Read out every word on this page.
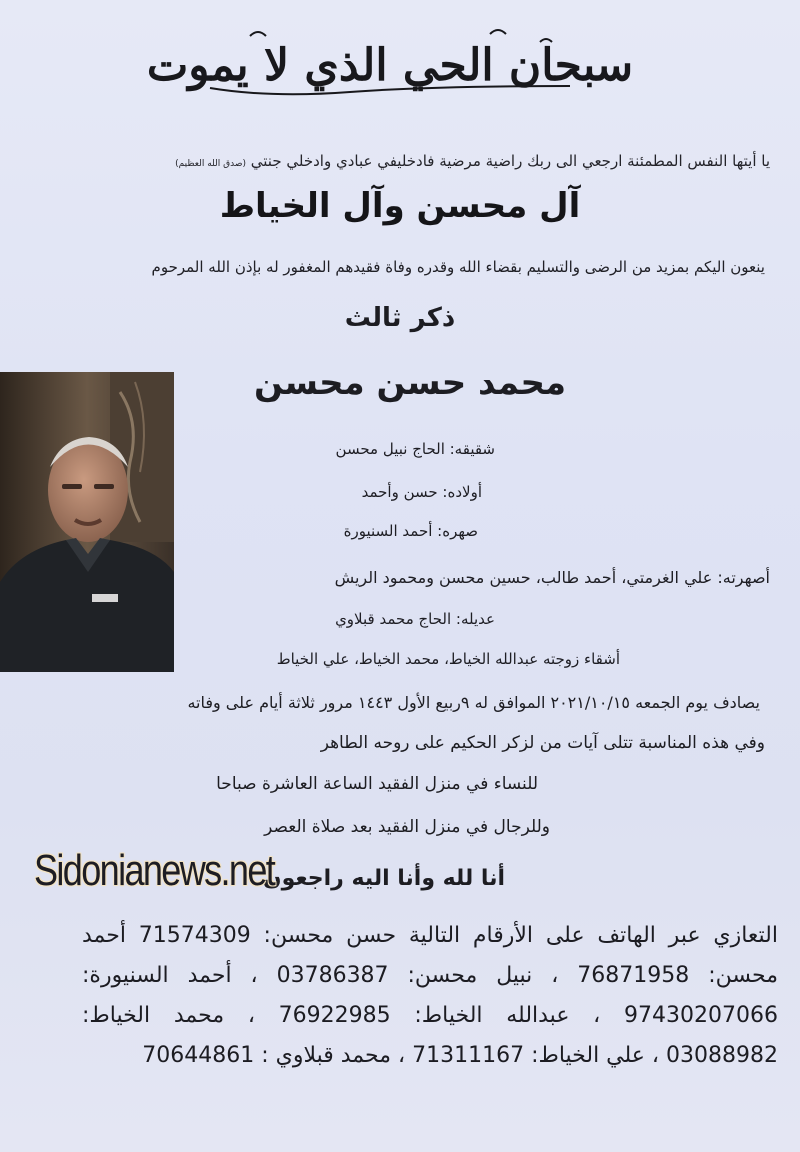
سبحان الحي الذي لا يموت
يا أيتها النفس المطمئنة ارجعي الى ربك راضية مرضية فادخليفي عبادي وادخلي جنتي (صدق الله العظيم)
آل محسن وآل الخياط
ينعون اليكم بمزيد من الرضى والتسليم بقضاء الله وقدره وفاة فقيدهم المغفور له بإذن الله المرحوم
ذكر ثالث
محمد حسن محسن
شقيقه: الحاج نبيل محسن
أولاده: حسن وأحمد
صهره: أحمد السنيورة
أصهرته: علي الغرمتي، أحمد طالب، حسين محسن ومحمود الريش
عديله: الحاج محمد قبلاوي
أشقاء زوجته عبدالله الخياط، محمد الخياط، علي الخياط
يصادف يوم الجمعه ٢٠٢١/١٠/١٥ الموافق له ٩ربيع الأول ١٤٤٣ مرور ثلاثة أيام على وفاته
وفي هذه المناسبة تتلى آيات من لزكر الحكيم على روحه الطاهر
للنساء في منزل الفقيد الساعة العاشرة صباحا
وللرجال في منزل الفقيد بعد صلاة العصر
أنا لله وأنا اليه راجعون
Sidonianews.net
التعازي عبر الهاتف على الأرقام التالية حسن محسن: 71574309 أحمد محسن: 76871958 ، نبيل محسن: 03786387 ، أحمد السنيورة: 97430207066 ، عبدالله الخياط: 76922985 ، محمد الخياط: 03088982 ، علي الخياط: 71311167 ، محمد قبلاوي : 70644861
